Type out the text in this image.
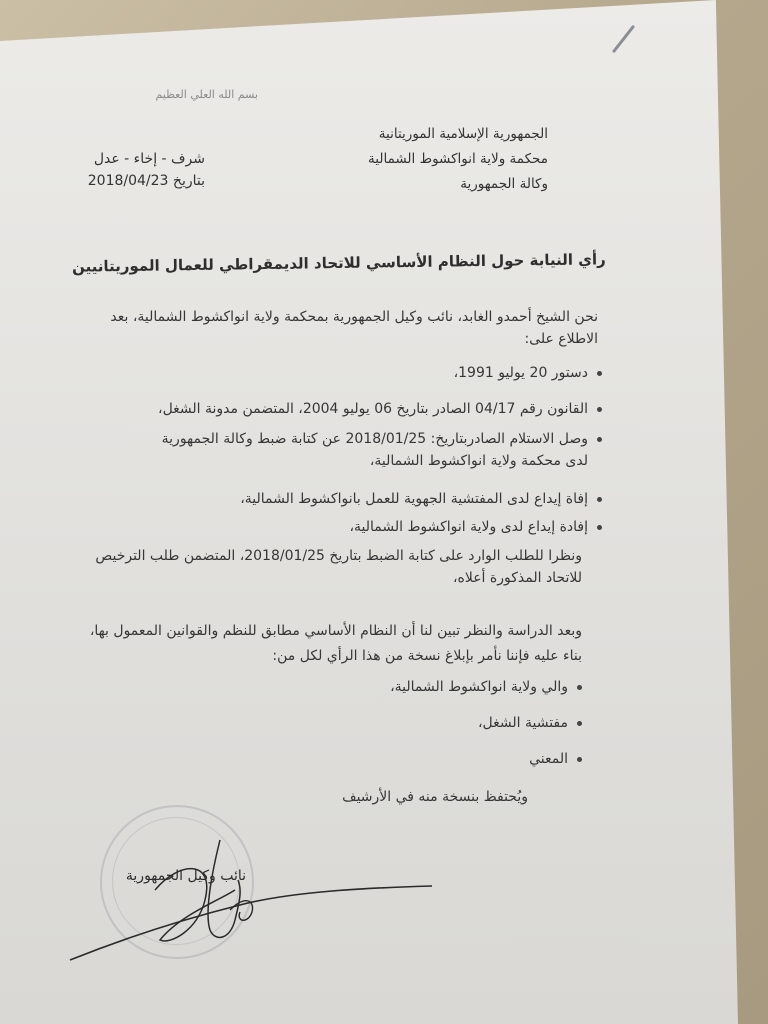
بسم الله العلي العظيم
الجمهورية الإسلامية الموريتانية
محكمة ولاية انواكشوط الشمالية
وكالة الجمهورية
شرف - إخاء - عدل
بتاريخ 2018/04/23
رأي النيابة حول النظام الأساسي للاتحاد الديمقراطي للعمال الموريتانيين
نحن الشيخ أحمدو الغابد، نائب وكيل الجمهورية بمحكمة ولاية انواكشوط الشمالية، بعد
الاطلاع على:
دستور 20 يوليو 1991،
القانون رقم 04/17 الصادر بتاريخ 06 يوليو 2004، المتضمن مدونة الشغل،
وصل الاستلام الصادربتاريخ: 2018/01/25 عن كتابة ضبط وكالة الجمهورية
لدى محكمة ولاية انواكشوط الشمالية،
إفاة إيداع لدى المفتشية الجهوية للعمل بانواكشوط الشمالية،
إفادة إيداع لدى ولاية انواكشوط الشمالية،
ونظرا للطلب الوارد على كتابة الضبط بتاريخ 2018/01/25، المتضمن طلب الترخيص
للاتحاد المذكورة أعلاه،
وبعد الدراسة والنظر تبين لنا أن النظام الأساسي مطابق للنظم والقوانين المعمول بها،
بناء عليه فإننا نأمر بإبلاغ نسخة من هذا الرأي لكل من:
والي ولاية انواكشوط الشمالية،
مفتشية الشغل،
المعني
ويُحتفظ بنسخة منه في الأرشيف
نائب وكيل الجمهورية
